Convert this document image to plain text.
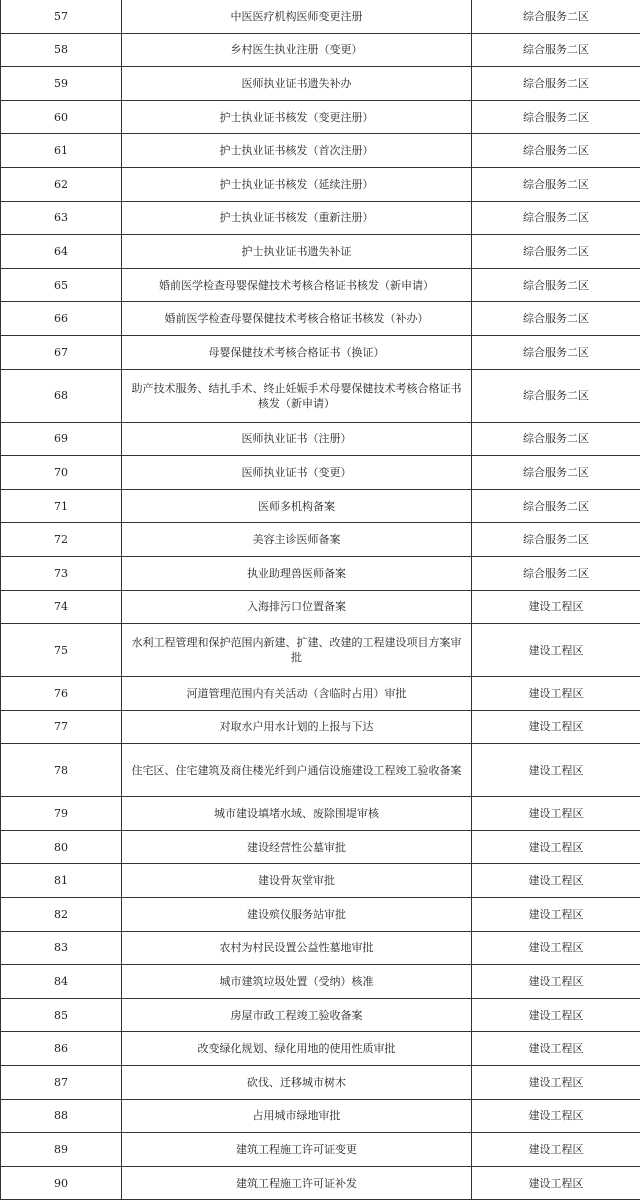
57	中医医疗机构医师变更注册	综合服务二区
58	乡村医生执业注册（变更）	综合服务二区
59	医师执业证书遗失补办	综合服务二区
60	护士执业证书核发（变更注册）	综合服务二区
61	护士执业证书核发（首次注册）	综合服务二区
62	护士执业证书核发（延续注册）	综合服务二区
63	护士执业证书核发（重新注册）	综合服务二区
64	护士执业证书遗失补证	综合服务二区
65	婚前医学检查母婴保健技术考核合格证书核发（新申请）	综合服务二区
66	婚前医学检查母婴保健技术考核合格证书核发（补办）	综合服务二区
67	母婴保健技术考核合格证书（换证）	综合服务二区
68	助产技术服务、结扎手术、终止妊娠手术母婴保健技术考核合格证书核发（新申请）	综合服务二区
69	医师执业证书（注册）	综合服务二区
70	医师执业证书（变更）	综合服务二区
71	医师多机构备案	综合服务二区
72	美容主诊医师备案	综合服务二区
73	执业助理兽医师备案	综合服务二区
74	入海排污口位置备案	建设工程区
75	水利工程管理和保护范围内新建、扩建、改建的工程建设项目方案审批	建设工程区
76	河道管理范围内有关活动（含临时占用）审批	建设工程区
77	对取水户用水计划的上报与下达	建设工程区
78	住宅区、住宅建筑及商住楼光纤到户通信设施建设工程竣工验收备案	建设工程区
79	城市建设填堵水域、废除围堤审核	建设工程区
80	建设经营性公墓审批	建设工程区
81	建设骨灰堂审批	建设工程区
82	建设殡仪服务站审批	建设工程区
83	农村为村民设置公益性墓地审批	建设工程区
84	城市建筑垃圾处置（受纳）核准	建设工程区
85	房屋市政工程竣工验收备案	建设工程区
86	改变绿化规划、绿化用地的使用性质审批	建设工程区
87	砍伐、迁移城市树木	建设工程区
88	占用城市绿地审批	建设工程区
89	建筑工程施工许可证变更	建设工程区
90	建筑工程施工许可证补发	建设工程区
